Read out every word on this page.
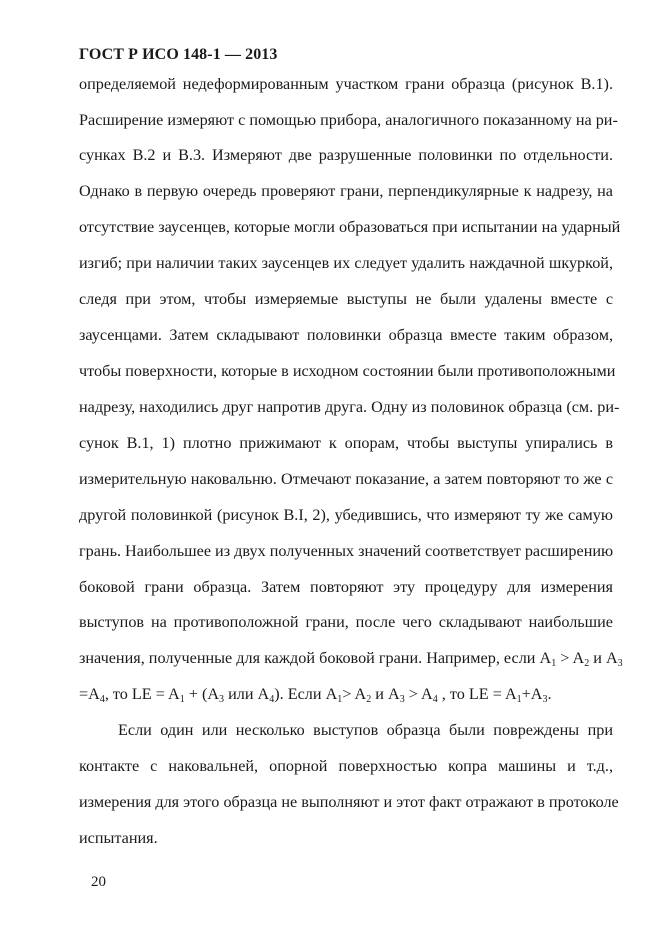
ГОСТ Р ИСО 148-1 — 2013
определяемой недеформированным участком грани образца (рисунок В.1).
Расширение измеряют с помощью прибора, аналогичного показанному на ри-
сунках В.2 и В.3. Измеряют две разрушенные половинки по отдельности.
Однако в первую очередь проверяют грани, перпендикулярные к надрезу, на
отсутствие заусенцев, которые могли образоваться при испытании на ударный
изгиб; при наличии таких заусенцев их следует удалить наждачной шкуркой,
следя при этом, чтобы измеряемые выступы не были удалены вместе с
заусенцами. Затем складывают половинки образца вместе таким образом,
чтобы поверхности, которые в исходном состоянии были противоположными
надрезу, находились друг напротив друга. Одну из половинок образца (см. ри-
сунок В.1, 1) плотно прижимают к опорам, чтобы выступы упирались в
измерительную наковальню. Отмечают показание, а затем повторяют то же с
другой половинкой (рисунок В.I, 2), убедившись, что измеряют ту же самую
грань. Наибольшее из двух полученных значений соответствует расширению
боковой грани образца. Затем повторяют эту процедуру для измерения
выступов на противоположной грани, после чего складывают наибольшие
значения, полученные для каждой боковой грани. Например, если $A_1 > A_2$ и $A_3$
$=A_4$, то LE = $A_1 + (A_3$ или $A_4$). Если $A_1> A_2$ и $A_3 > A_4$ , то LE = $A_1+A_3$.
Если один или несколько выступов образца были повреждены при
контакте с наковальней, опорной поверхностью копра машины и т.д.,
измерения для этого образца не выполняют и этот факт отражают в протоколе
испытания.
20
